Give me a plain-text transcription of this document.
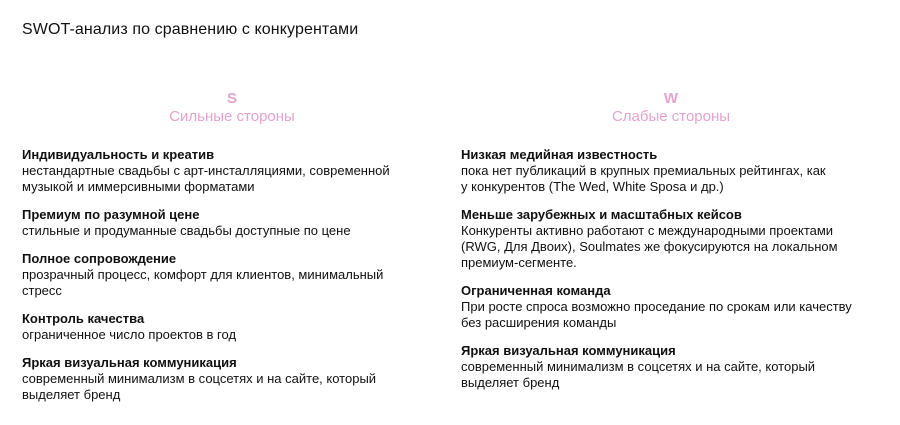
SWOT-анализ по сравнению с конкурентами
S
Сильные стороны
Индивидуальность и креатив
нестандартные свадьбы с арт-инсталляциями, современной
музыкой и иммерсивными форматами
Премиум по разумной цене
стильные и продуманные свадьбы доступные по цене
Полное сопровождение
прозрачный процесс, комфорт для клиентов, минимальный
стресс
Контроль качества
ограниченное число проектов в год
Яркая визуальная коммуникация
современный минимализм в соцсетях и на сайте, который
выделяет бренд
W
Слабые стороны
Низкая медийная известность
пока нет публикаций в крупных премиальных рейтингах, как
у конкурентов (The Wed, White Sposa и др.)
Меньше зарубежных и масштабных кейсов
Конкуренты активно работают с международными проектами
(RWG, Для Двоих), Soulmates же фокусируются на локальном
премиум-сегменте.
Ограниченная команда
При росте спроса возможно проседание по срокам или качеству
без расширения команды
Яркая визуальная коммуникация
современный минимализм в соцсетях и на сайте, который
выделяет бренд
